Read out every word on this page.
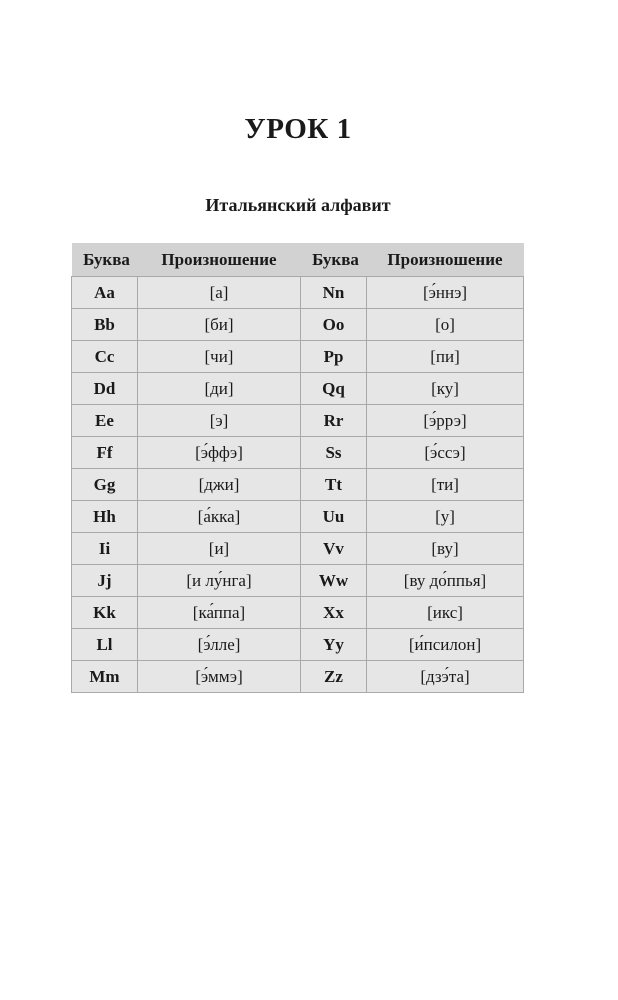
УРОК 1
Итальянский алфавит
Буква	Произношение	Буква	Произношение
Aa	[а]	Nn	[э́ннэ]
Bb	[би]	Oo	[о]
Cc	[чи]	Pp	[пи]
Dd	[ди]	Qq	[ку]
Ee	[э]	Rr	[э́ррэ]
Ff	[э́ффэ]	Ss	[э́ссэ]
Gg	[джи]	Tt	[ти]
Hh	[а́кка]	Uu	[у]
Ii	[и]	Vv	[ву]
Jj	[и лу́нга]	Ww	[ву до́ппья]
Kk	[ка́ппа]	Xx	[икс]
Ll	[э́лле]	Yy	[и́псилон]
Mm	[э́ммэ]	Zz	[дзэ́та]
